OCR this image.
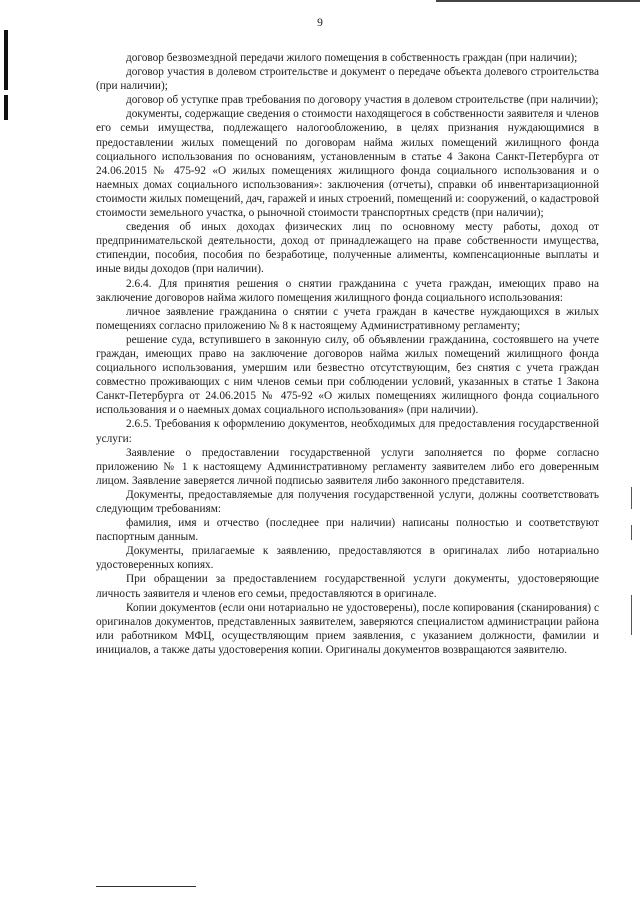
9

договор безвозмездной передачи жилого помещения в собственность граждан (при наличии);

договор участия в долевом строительстве и документ о передаче объекта долевого строительства (при наличии);

договор об уступке прав требования по договору участия в долевом строительстве (при наличии);

документы, содержащие сведения о стоимости находящегося в собственности заявителя и членов его семьи имущества, подлежащего налогообложению, в целях признания нуждающимися в предоставлении жилых помещений по договорам найма жилых помещений жилищного фонда социального использования по основаниям, установленным в статье 4 Закона Санкт-Петербурга от 24.06.2015 № 475-92 «О жилых помещениях жилищного фонда социального использования и о наемных домах социального использования»: заключения (отчеты), справки об инвентаризационной стоимости жилых помещений, дач, гаражей и иных строений, помещений и: сооружений, о кадастровой стоимости земельного участка, о рыночной стоимости транспортных средств (при наличии);

сведения об иных доходах физических лиц по основному месту работы, доход от предпринимательской деятельности, доход от принадлежащего на праве собственности имущества, стипендии, пособия, пособия по безработице, полученные алименты, компенсационные выплаты и иные виды доходов (при наличии).

2.6.4. Для принятия решения о снятии гражданина с учета граждан, имеющих право на заключение договоров найма жилого помещения жилищного фонда социального использования:

личное заявление гражданина о снятии с учета граждан в качестве нуждающихся в жилых помещениях согласно приложению № 8 к настоящему Административному регламенту;

решение суда, вступившего в законную силу, об объявлении гражданина, состоявшего на учете граждан, имеющих право на заключение договоров найма жилых помещений жилищного фонда социального использования, умершим или безвестно отсутствующим, без снятия с учета граждан совместно проживающих с ним членов семьи при соблюдении условий, указанных в статье 1 Закона Санкт-Петербурга от 24.06.2015 № 475-92 «О жилых помещениях жилищного фонда социального использования и о наемных домах социального использования» (при наличии).

2.6.5. Требования к оформлению документов, необходимых для предоставления государственной услуги:

Заявление о предоставлении государственной услуги заполняется по форме согласно приложению № 1 к настоящему Административному регламенту заявителем либо его доверенным лицом. Заявление заверяется личной подписью заявителя либо законного представителя.

Документы, предоставляемые для получения государственной услуги, должны соответствовать следующим требованиям:

фамилия, имя и отчество (последнее при наличии) написаны полностью и соответствуют паспортным данным.

Документы, прилагаемые к заявлению, предоставляются в оригиналах либо нотариально удостоверенных копиях.

При обращении за предоставлением государственной услуги документы, удостоверяющие личность заявителя и членов его семьи, предоставляются в оригинале.

Копии документов (если они нотариально не удостоверены), после копирования (сканирования) с оригиналов документов, представленных заявителем, заверяются специалистом администрации района или работником МФЦ, осуществляющим прием заявления, с указанием должности, фамилии и инициалов, а также даты удостоверения копии. Оригиналы документов возвращаются заявителю.
